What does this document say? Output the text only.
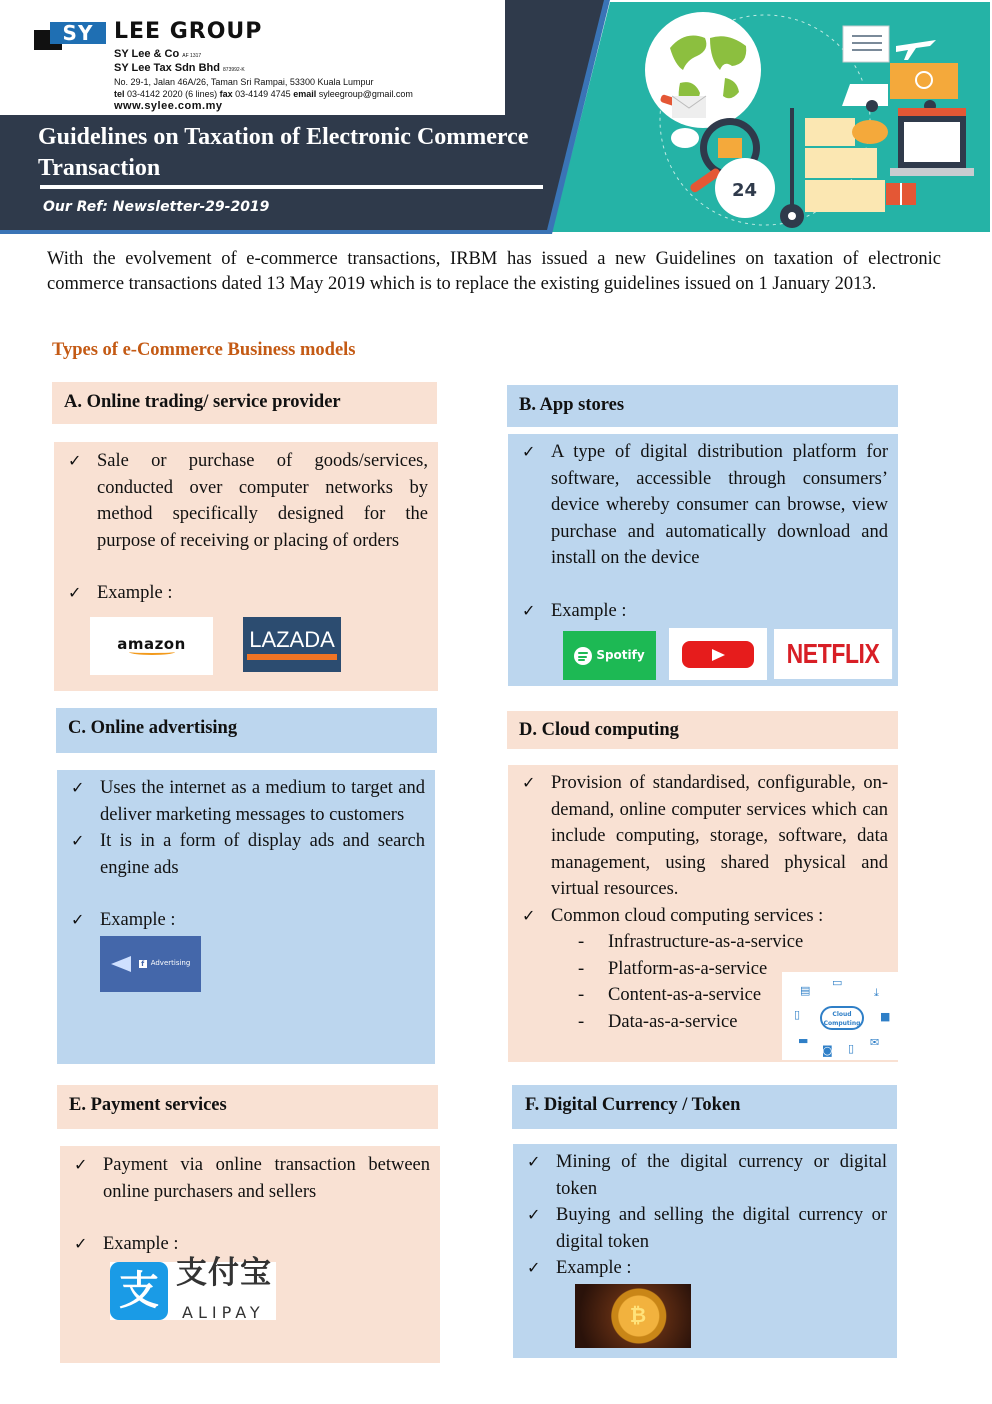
SY LEE GROUP
SY Lee & Co AF 1317
SY Lee Tax Sdn Bhd 873992-K
No. 29-1, Jalan 46A/26, Taman Sri Rampai, 53300 Kuala Lumpur
tel 03-4142 2020 (6 lines) fax 03-4149 4745 email syleegroup@gmail.com
www.sylee.com.my
Guidelines on Taxation of Electronic Commerce Transaction
Our Ref: Newsletter-29-2019
24

With the evolvement of e-commerce transactions, IRBM has issued a new Guidelines on taxation of electronic commerce transactions dated 13 May 2019 which is to replace the existing guidelines issued on 1 January 2013.

Types of e-Commerce Business models
A. Online trading/ service provider
✓ Sale or purchase of goods/services, conducted over computer networks by method specifically designed for the purpose of receiving or placing of orders
✓ Example :
amazon	LAZADA
B. App stores
✓ A type of digital distribution platform for software, accessible through consumers’ device whereby consumer can browse, view purchase and automatically download and install on the device
✓ Example :
Spotify	NETFLIX
C. Online advertising
✓ Uses the internet as a medium to target and deliver marketing messages to customers
✓ It is in a form of display ads and search engine ads
✓ Example :
f Advertising
D. Cloud computing
✓ Provision of standardised, configurable, on-demand, online computer services which can include computing, storage, software, data management, using shared physical and virtual resources.
✓ Common cloud computing services :
- Infrastructure-as-a-service
- Platform-as-a-service
- Content-as-a-service
- Data-as-a-service	Cloud Computing
▭
▤	⤓
▯	■
▬
◙ ▯ ✉
E. Payment services
✓ Payment via online transaction between online purchasers and sellers
✓ Example :
支 支付宝
ALIPAY
F. Digital Currency / Token
✓ Mining of the digital currency or digital token
✓ Buying and selling the digital currency or digital token
✓ Example :
₿
